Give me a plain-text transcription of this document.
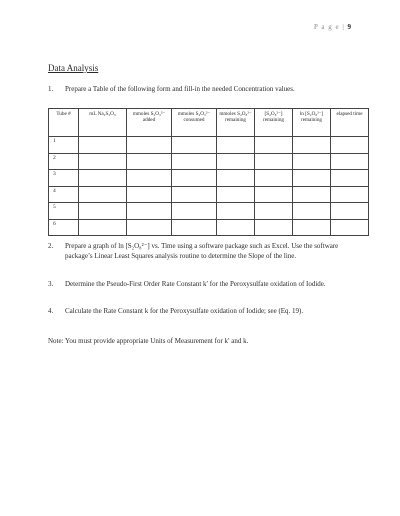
P a g e | 9
Data Analysis
1. Prepare a Table of the following form and fill-in the needed Concentration values.
Tube #	mL Na₂S₂O₃	mmoles S₂O₃²⁻ added	mmoles S₂O₃²⁻ consumed	mmoles S₂O₈²⁻ remaining	[S₂O₈²⁻] remaining	ln [S₂O₈²⁻] remaining	elapsed time
1							
2							
3							
4							
5							
6							
2. Prepare a graph of ln [S₂O₈²⁻] vs. Time using a software package such as Excel. Use the software package’s Linear Least Squares analysis routine to determine the Slope of the line.
3. Determine the Pseudo-First Order Rate Constant k′ for the Peroxysulfate oxidation of Iodide.
4. Calculate the Rate Constant k for the Peroxysulfate oxidation of Iodide; see (Eq. 19).
Note: You must provide appropriate Units of Measurement for k′ and k.
